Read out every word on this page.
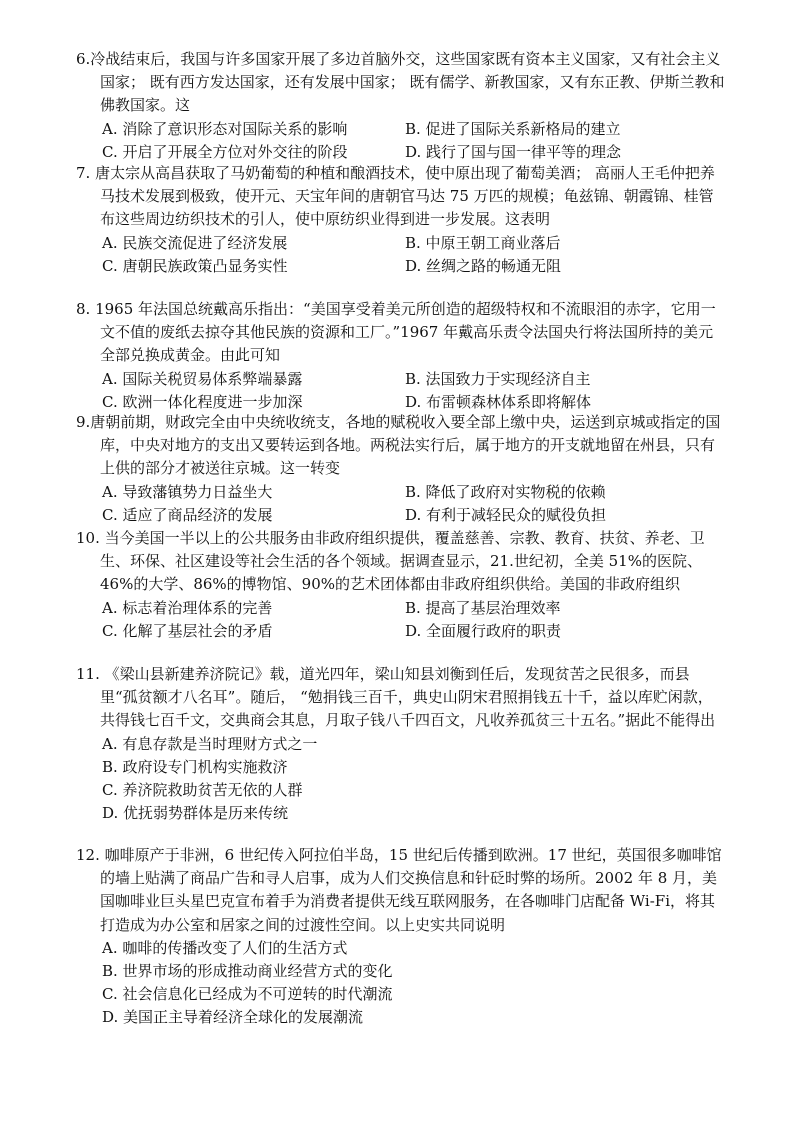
6.冷战结束后，我国与许多国家开展了多边首脑外交，这些国家既有资本主义国家，又有社会主义国家； 既有西方发达国家，还有发展中国家； 既有儒学、新教国家，又有东正教、伊斯兰教和佛教国家。这
A. 消除了意识形态对国际关系的影响	B. 促进了国际关系新格局的建立
C. 开启了开展全方位对外交往的阶段	D. 践行了国与国一律平等的理念
7. 唐太宗从高昌获取了马奶葡萄的种植和酿酒技术，使中原出现了葡萄美酒； 高丽人王毛仲把养马技术发展到极致，使开元、天宝年间的唐朝官马达 75 万匹的规模；龟兹锦、朝霞锦、桂管布这些周边纺织技术的引人，使中原纺织业得到进一步发展。这表明
A. 民族交流促进了经济发展	B. 中原王朝工商业落后
C. 唐朝民族政策凸显务实性	D. 丝绸之路的畅通无阻
8. 1965 年法国总统戴高乐指出：“美国享受着美元所创造的超级特权和不流眼泪的赤字，它用一文不值的废纸去掠夺其他民族的资源和工厂。”1967 年戴高乐责令法国央行将法国所持的美元全部兑换成黄金。由此可知
A. 国际关税贸易体系弊端暴露	B. 法国致力于实现经济自主
C. 欧洲一体化程度进一步加深	D. 布雷顿森林体系即将解体
9.唐朝前期，财政完全由中央统收统支，各地的赋税收入要全部上缴中央，运送到京城或指定的国库，中央对地方的支出又要转运到各地。两税法实行后，属于地方的开支就地留在州县，只有上供的部分才被送往京城。这一转变
A. 导致藩镇势力日益坐大	B. 降低了政府对实物税的依赖
C. 适应了商品经济的发展	D. 有利于减轻民众的赋役负担
10. 当今美国一半以上的公共服务由非政府组织提供，覆盖慈善、宗教、教育、扶贫、养老、卫生、环保、社区建设等社会生活的各个领域。据调查显示，21.世纪初，全美 51%的医院、46%的大学、86%的博物馆、90%的艺术团体都由非政府组织供给。美国的非政府组织
A. 标志着治理体系的完善	B. 提高了基层治理效率
C. 化解了基层社会的矛盾	D. 全面履行政府的职责
11. 《梁山县新建养济院记》载，道光四年，梁山知县刘衡到任后，发现贫苦之民很多，而县里“孤贫额才八名耳”。随后， “勉捐钱三百千，典史山阴宋君照捐钱五十千，益以库贮闲款，共得钱七百千文，交典商会其息，月取子钱八千四百文，凡收养孤贫三十五名。”据此不能得出
A. 有息存款是当时理财方式之一
B. 政府设专门机构实施救济
C. 养济院救助贫苦无依的人群
D. 优抚弱势群体是历来传统
12. 咖啡原产于非洲，6 世纪传入阿拉伯半岛，15 世纪后传播到欧洲。17 世纪，英国很多咖啡馆的墙上贴满了商品广告和寻人启事，成为人们交换信息和针砭时弊的场所。2002 年 8 月，美国咖啡业巨头星巴克宣布着手为消费者提供无线互联网服务，在各咖啡门店配备 Wi-Fi，将其打造成为办公室和居家之间的过渡性空间。以上史实共同说明
A. 咖啡的传播改变了人们的生活方式
B. 世界市场的形成推动商业经营方式的变化
C. 社会信息化已经成为不可逆转的时代潮流
D. 美国正主导着经济全球化的发展潮流
